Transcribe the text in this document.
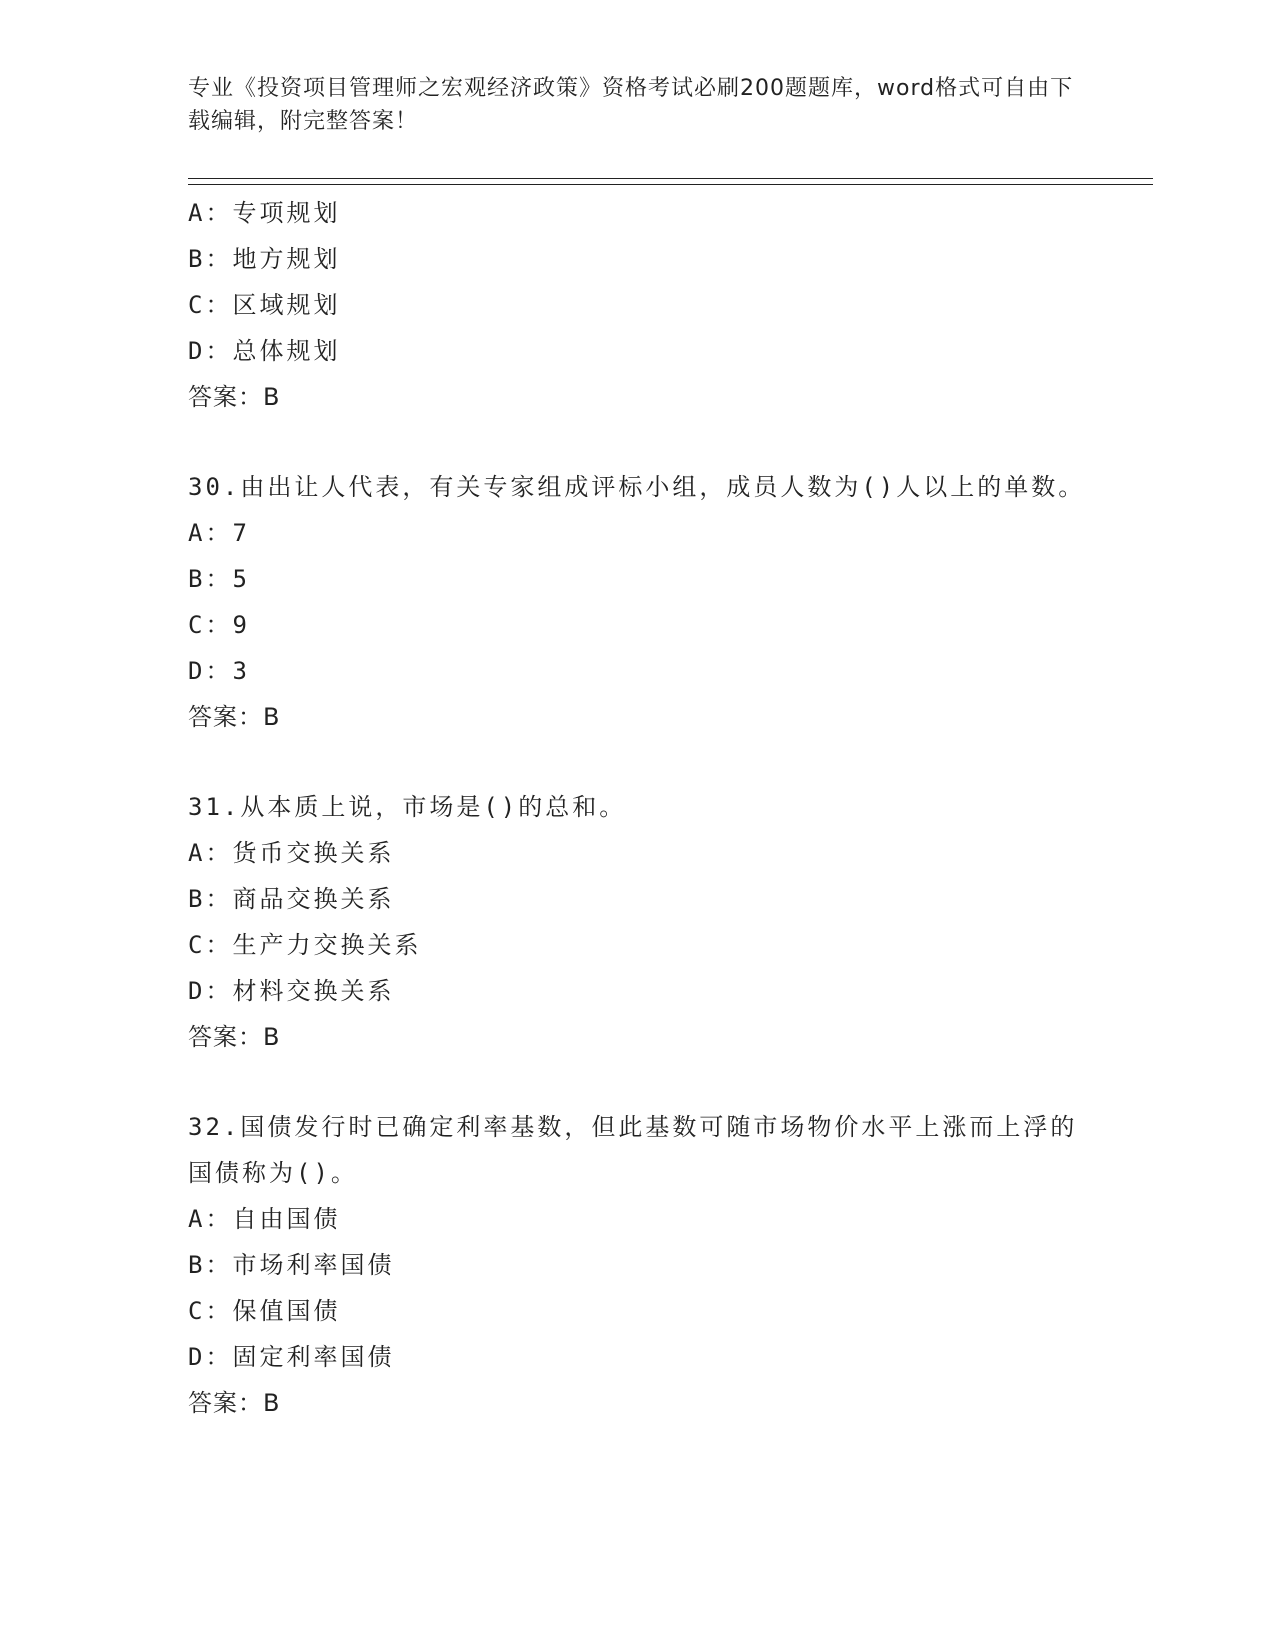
专业《投资项目管理师之宏观经济政策》资格考试必刷200题题库，word格式可自由下载编辑，附完整答案！
A：专项规划
B：地方规划
C：区域规划
D：总体规划
答案：B
30.由出让人代表，有关专家组成评标小组，成员人数为()人以上的单数。
A：7
B：5
C：9
D：3
答案：B
31.从本质上说，市场是()的总和。
A：货币交换关系
B：商品交换关系
C：生产力交换关系
D：材料交换关系
答案：B
32.国债发行时已确定利率基数，但此基数可随市场物价水平上涨而上浮的国债称为()。
A：自由国债
B：市场利率国债
C：保值国债
D：固定利率国债
答案：B
